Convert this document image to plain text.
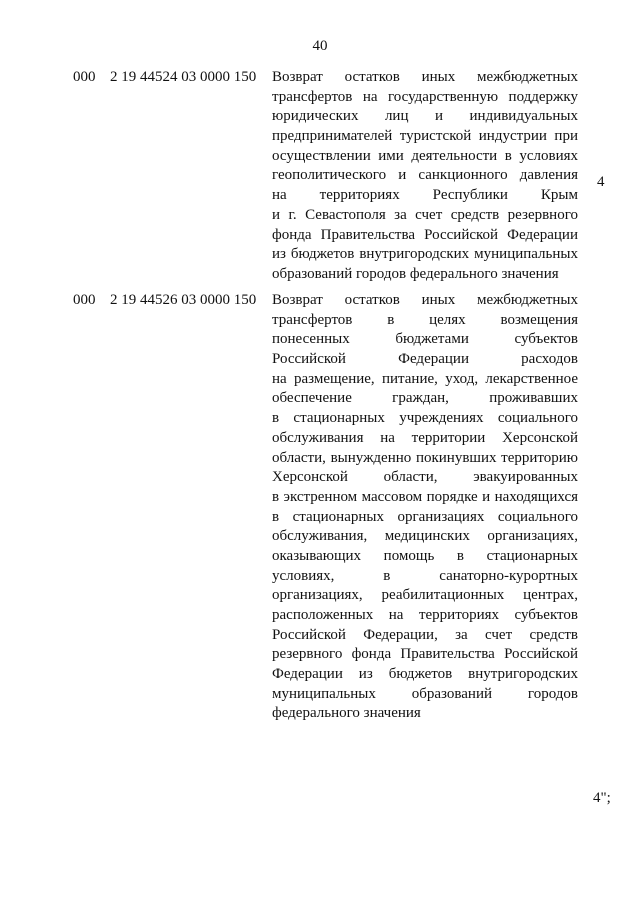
40
000 2 19 44524 03 0000 150 Возврат остатков иных межбюджетных
трансфертов на государственную поддержку
юридических лиц и индивидуальных
предпринимателей туристской индустрии при
осуществлении ими деятельности в условиях
геополитического и санкционного давления
на территориях Республики Крым
и г. Севастополя за счет средств резервного
фонда Правительства Российской Федерации
из бюджетов внутригородских муниципальных
образований городов федерального значения
4
000 2 19 44526 03 0000 150 Возврат остатков иных межбюджетных
трансфертов в целях возмещения
понесенных бюджетами субъектов
Российской Федерации расходов
на размещение, питание, уход, лекарственное
обеспечение граждан, проживавших
в стационарных учреждениях социального
обслуживания на территории Херсонской
области, вынужденно покинувших территорию
Херсонской области, эвакуированных
в экстренном массовом порядке и находящихся
в стационарных организациях социального
обслуживания, медицинских организациях,
оказывающих помощь в стационарных
условиях, в санаторно-курортных
организациях, реабилитационных центрах,
расположенных на территориях субъектов
Российской Федерации, за счет средств
резервного фонда Правительства Российской
Федерации из бюджетов внутригородских
муниципальных образований городов
федерального значения
4";
